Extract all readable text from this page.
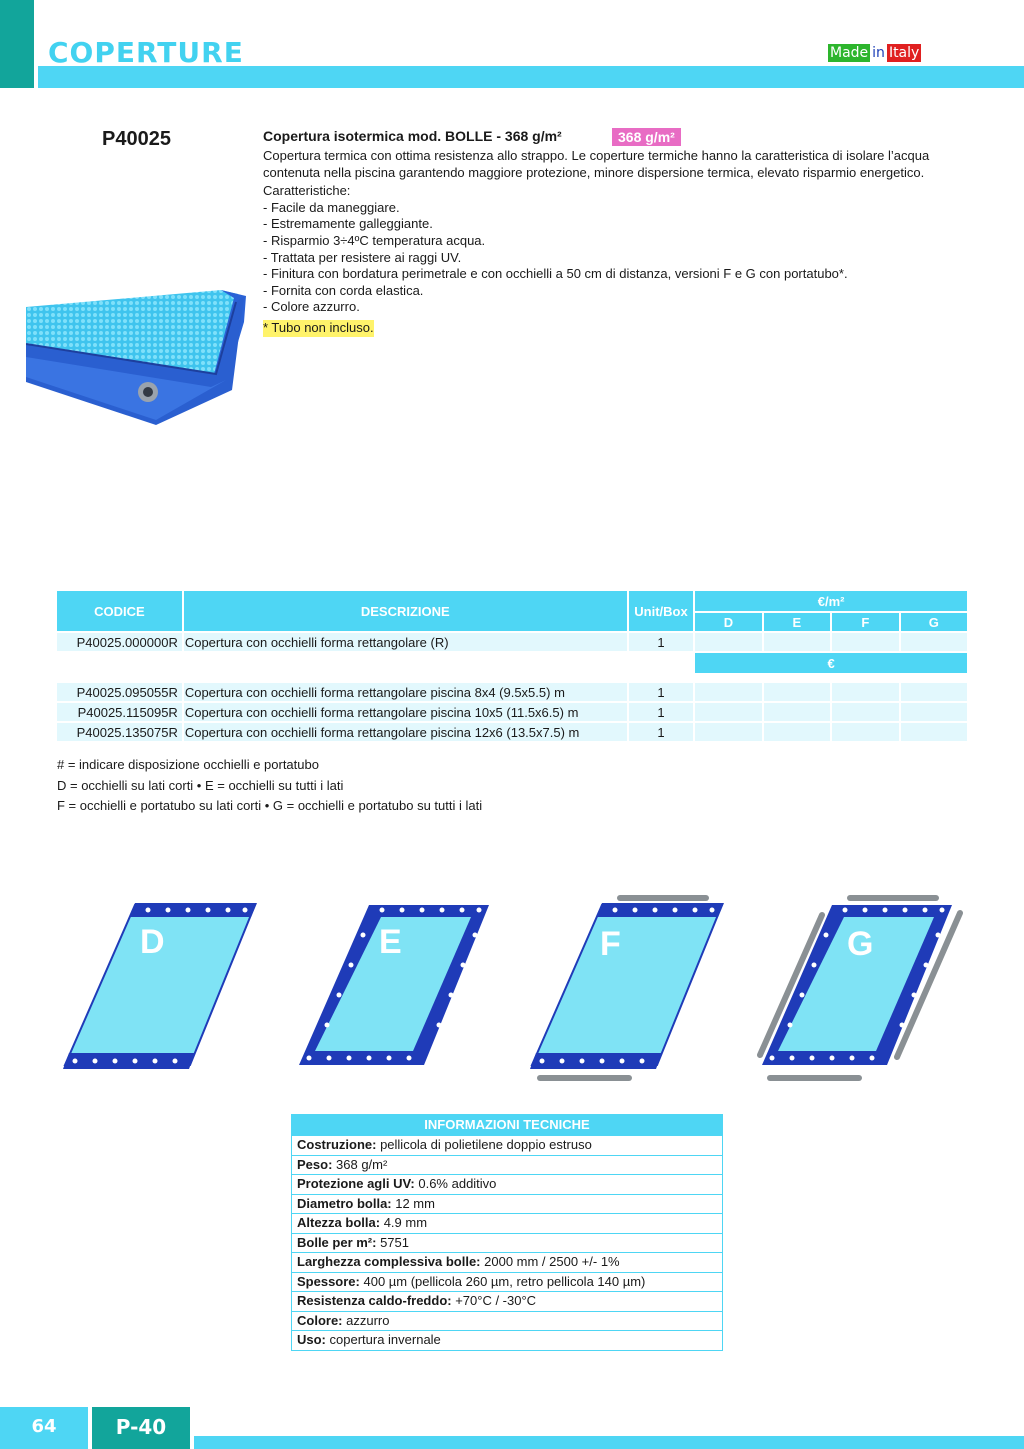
COPERTURE	Made in Italy
P40025	Copertura isotermica mod. BOLLE - 368 g/m²	368 g/m²
Copertura termica con ottima resistenza allo strappo. Le coperture termiche hanno la caratteristica di isolare l’acqua contenuta nella piscina garantendo maggiore protezione, minore dispersione termica, elevato risparmio energetico.
Caratteristiche:
- Facile da maneggiare.
- Estremamente galleggiante.
- Risparmio 3÷4ºC temperatura acqua.
- Trattata per resistere ai raggi UV.
- Finitura con bordatura perimetrale e con occhielli a 50 cm di distanza, versioni F e G con portatubo*.
- Fornita con corda elastica.
- Colore azzurro.
* Tubo non incluso.
CODICE	DESCRIZIONE	Unit/Box	€/m²			
			D	E	F	G
P40025.000000R	Copertura con occhielli forma rettangolare (R)	1				
			€			

P40025.095055R	Copertura con occhielli forma rettangolare piscina 8x4 (9.5x5.5) m	1				
P40025.115095R	Copertura con occhielli forma rettangolare piscina 10x5 (11.5x6.5) m	1				
P40025.135075R	Copertura con occhielli forma rettangolare piscina 12x6 (13.5x7.5) m	1				
# = indicare disposizione occhielli e portatubo
D = occhielli su lati corti • E = occhielli su tutti i lati
F = occhielli e portatubo su lati corti • G = occhielli e portatubo su tutti i lati
D	E	F	G
INFORMAZIONI TECNICHE
Costruzione: pellicola di polietilene doppio estruso
Peso: 368 g/m²
Protezione agli UV: 0.6% additivo
Diametro bolla: 12 mm
Altezza bolla: 4.9 mm
Bolle per m²: 5751
Larghezza complessiva bolle: 2000 mm / 2500 +/- 1%
Spessore: 400 µm (pellicola 260 µm, retro pellicola 140 µm)
Resistenza caldo-freddo: +70°C / -30°C
Colore: azzurro
Uso: copertura invernale
64	P-40
